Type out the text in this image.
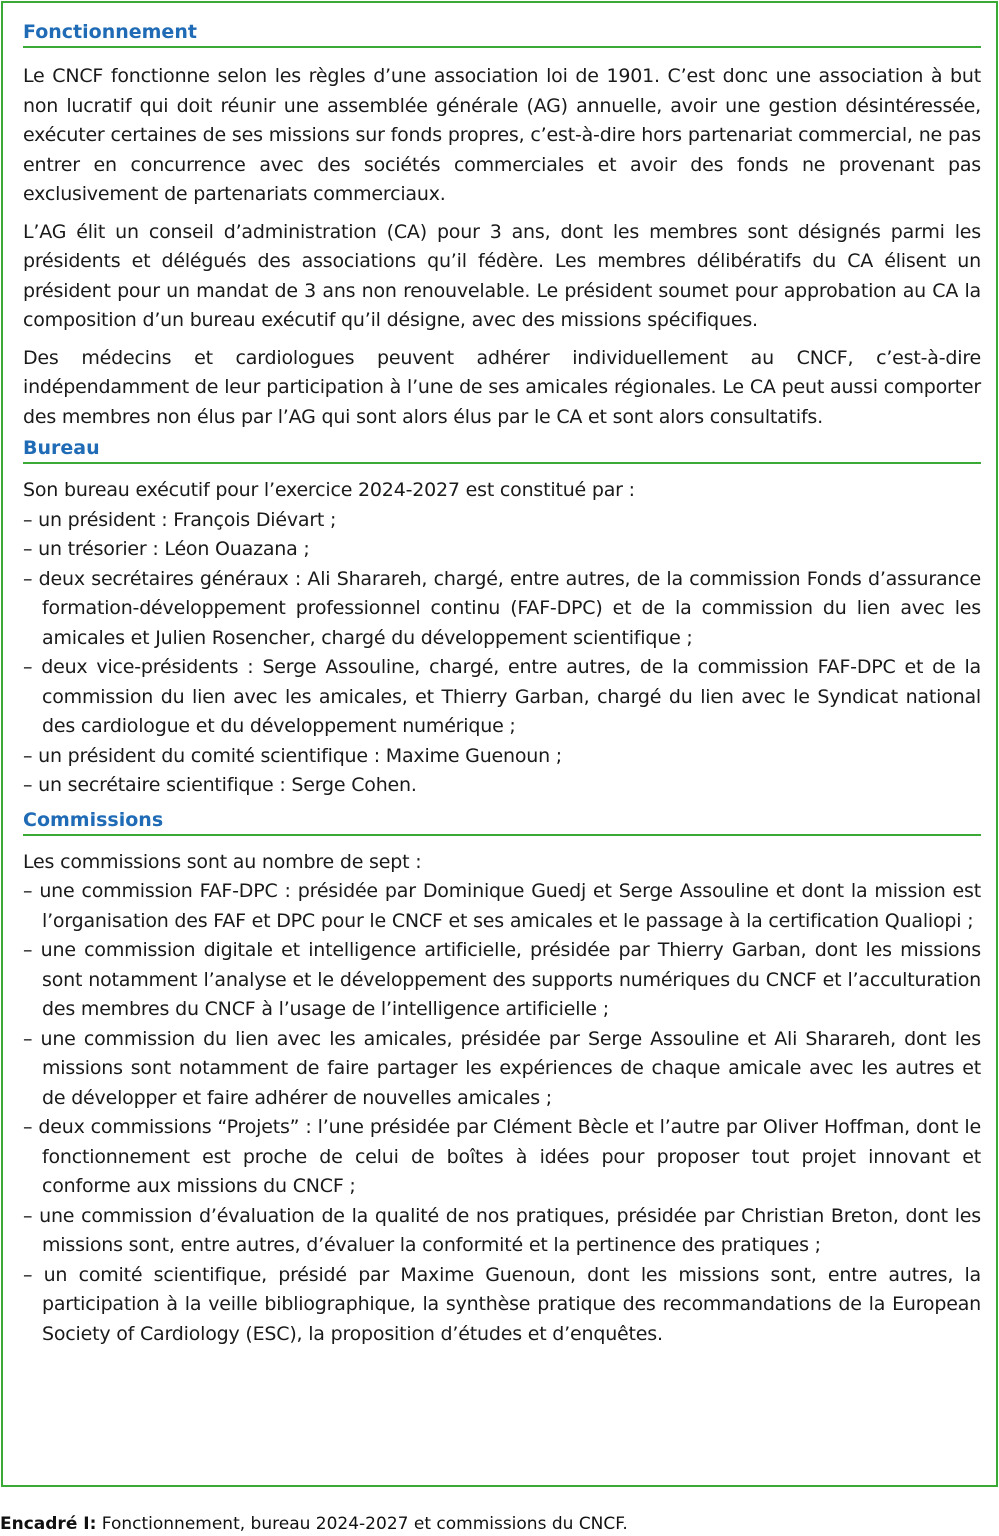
Fonctionnement

Le CNCF fonctionne selon les règles d’une association loi de 1901. C’est donc une association à but non lucratif qui doit réunir une assemblée générale (AG) annuelle, avoir une gestion désintéressée, exécuter certaines de ses missions sur fonds propres, c’est-à-dire hors partenariat commercial, ne pas entrer en concurrence avec des sociétés commerciales et avoir des fonds ne provenant pas exclusivement de partenariats commerciaux.

L’AG élit un conseil d’administration (CA) pour 3 ans, dont les membres sont désignés parmi les présidents et délégués des associations qu’il fédère. Les membres délibératifs du CA élisent un président pour un mandat de 3 ans non renouvelable. Le président soumet pour approbation au CA la composition d’un bureau exécutif qu’il désigne, avec des missions spécifiques.

Des médecins et cardiologues peuvent adhérer individuellement au CNCF, c’est-à-dire indépendamment de leur participation à l’une de ses amicales régionales. Le CA peut aussi comporter des membres non élus par l’AG qui sont alors élus par le CA et sont alors consultatifs.

Bureau

Son bureau exécutif pour l’exercice 2024-2027 est constitué par :

– un président : François Diévart ;
– un trésorier : Léon Ouazana ;
– deux secrétaires généraux : Ali Sharareh, chargé, entre autres, de la commission Fonds d’assurance formation-développement professionnel continu (FAF-DPC) et de la commission du lien avec les amicales et Julien Rosencher, chargé du développement scientifique ;
– deux vice-présidents : Serge Assouline, chargé, entre autres, de la commission FAF-DPC et de la commission du lien avec les amicales, et Thierry Garban, chargé du lien avec le Syndicat national des cardiologue et du développement numérique ;
– un président du comité scientifique : Maxime Guenoun ;
– un secrétaire scientifique : Serge Cohen.
Commissions

Les commissions sont au nombre de sept :

– une commission FAF-DPC : présidée par Dominique Guedj et Serge Assouline et dont la mission est l’organisation des FAF et DPC pour le CNCF et ses amicales et le passage à la certification Qualiopi ;
– une commission digitale et intelligence artificielle, présidée par Thierry Garban, dont les missions sont notamment l’analyse et le développement des supports numériques du CNCF et l’acculturation des membres du CNCF à l’usage de l’intelligence artificielle ;
– une commission du lien avec les amicales, présidée par Serge Assouline et Ali Sharareh, dont les missions sont notamment de faire partager les expériences de chaque amicale avec les autres et de développer et faire adhérer de nouvelles amicales ;
– deux commissions “Projets” : l’une présidée par Clément Bècle et l’autre par Oliver Hoffman, dont le fonctionnement est proche de celui de boîtes à idées pour proposer tout projet innovant et conforme aux missions du CNCF ;
– une commission d’évaluation de la qualité de nos pratiques, présidée par Christian Breton, dont les missions sont, entre autres, d’évaluer la conformité et la pertinence des pratiques ;
– un comité scientifique, présidé par Maxime Guenoun, dont les missions sont, entre autres, la participation à la veille bibliographique, la synthèse pratique des recommandations de la European Society of Cardiology (ESC), la proposition d’études et d’enquêtes.
Encadré I: Fonctionnement, bureau 2024-2027 et commissions du CNCF.
